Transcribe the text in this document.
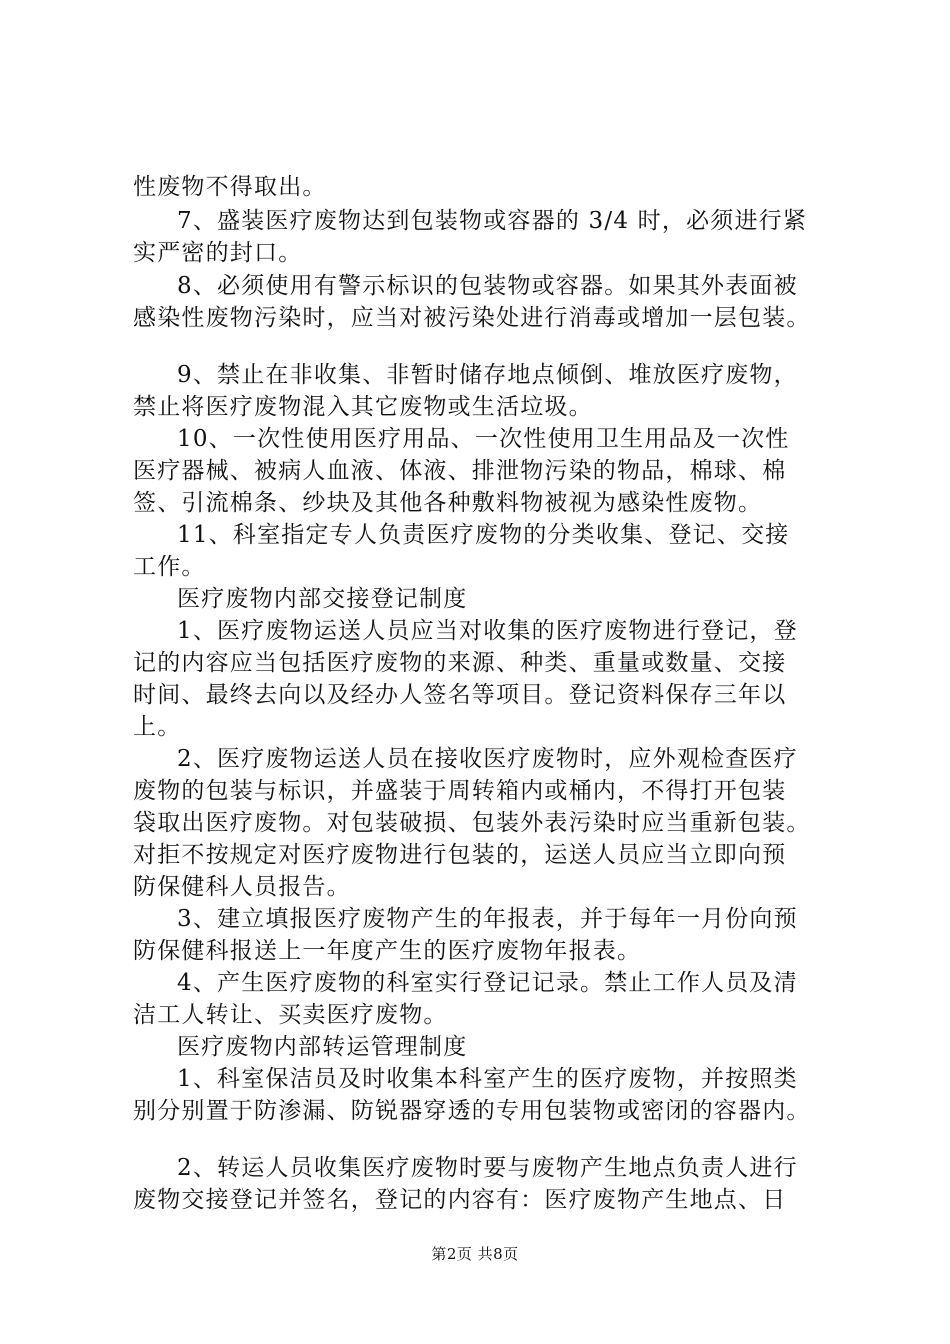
性废物不得取出。
7、盛装医疗废物达到包装物或容器的 3/4 时，必须进行紧
实严密的封口。
8、必须使用有警示标识的包装物或容器。如果其外表面被
感染性废物污染时，应当对被污染处进行消毒或增加一层包装。
9、禁止在非收集、非暂时储存地点倾倒、堆放医疗废物，
禁止将医疗废物混入其它废物或生活垃圾。
10、一次性使用医疗用品、一次性使用卫生用品及一次性
医疗器械、被病人血液、体液、排泄物污染的物品，棉球、棉
签、引流棉条、纱块及其他各种敷料物被视为感染性废物。
11、科室指定专人负责医疗废物的分类收集、登记、交接
工作。
医疗废物内部交接登记制度
1、医疗废物运送人员应当对收集的医疗废物进行登记，登
记的内容应当包括医疗废物的来源、种类、重量或数量、交接
时间、最终去向以及经办人签名等项目。登记资料保存三年以
上。
2、医疗废物运送人员在接收医疗废物时，应外观检查医疗
废物的包装与标识，并盛装于周转箱内或桶内，不得打开包装
袋取出医疗废物。对包装破损、包装外表污染时应当重新包装。
对拒不按规定对医疗废物进行包装的，运送人员应当立即向预
防保健科人员报告。
3、建立填报医疗废物产生的年报表，并于每年一月份向预
防保健科报送上一年度产生的医疗废物年报表。
4、产生医疗废物的科室实行登记记录。禁止工作人员及清
洁工人转让、买卖医疗废物。
医疗废物内部转运管理制度
1、科室保洁员及时收集本科室产生的医疗废物，并按照类
别分别置于防渗漏、防锐器穿透的专用包装物或密闭的容器内。
2、转运人员收集医疗废物时要与废物产生地点负责人进行
废物交接登记并签名，登记的内容有：医疗废物产生地点、日
第2页 共8页
